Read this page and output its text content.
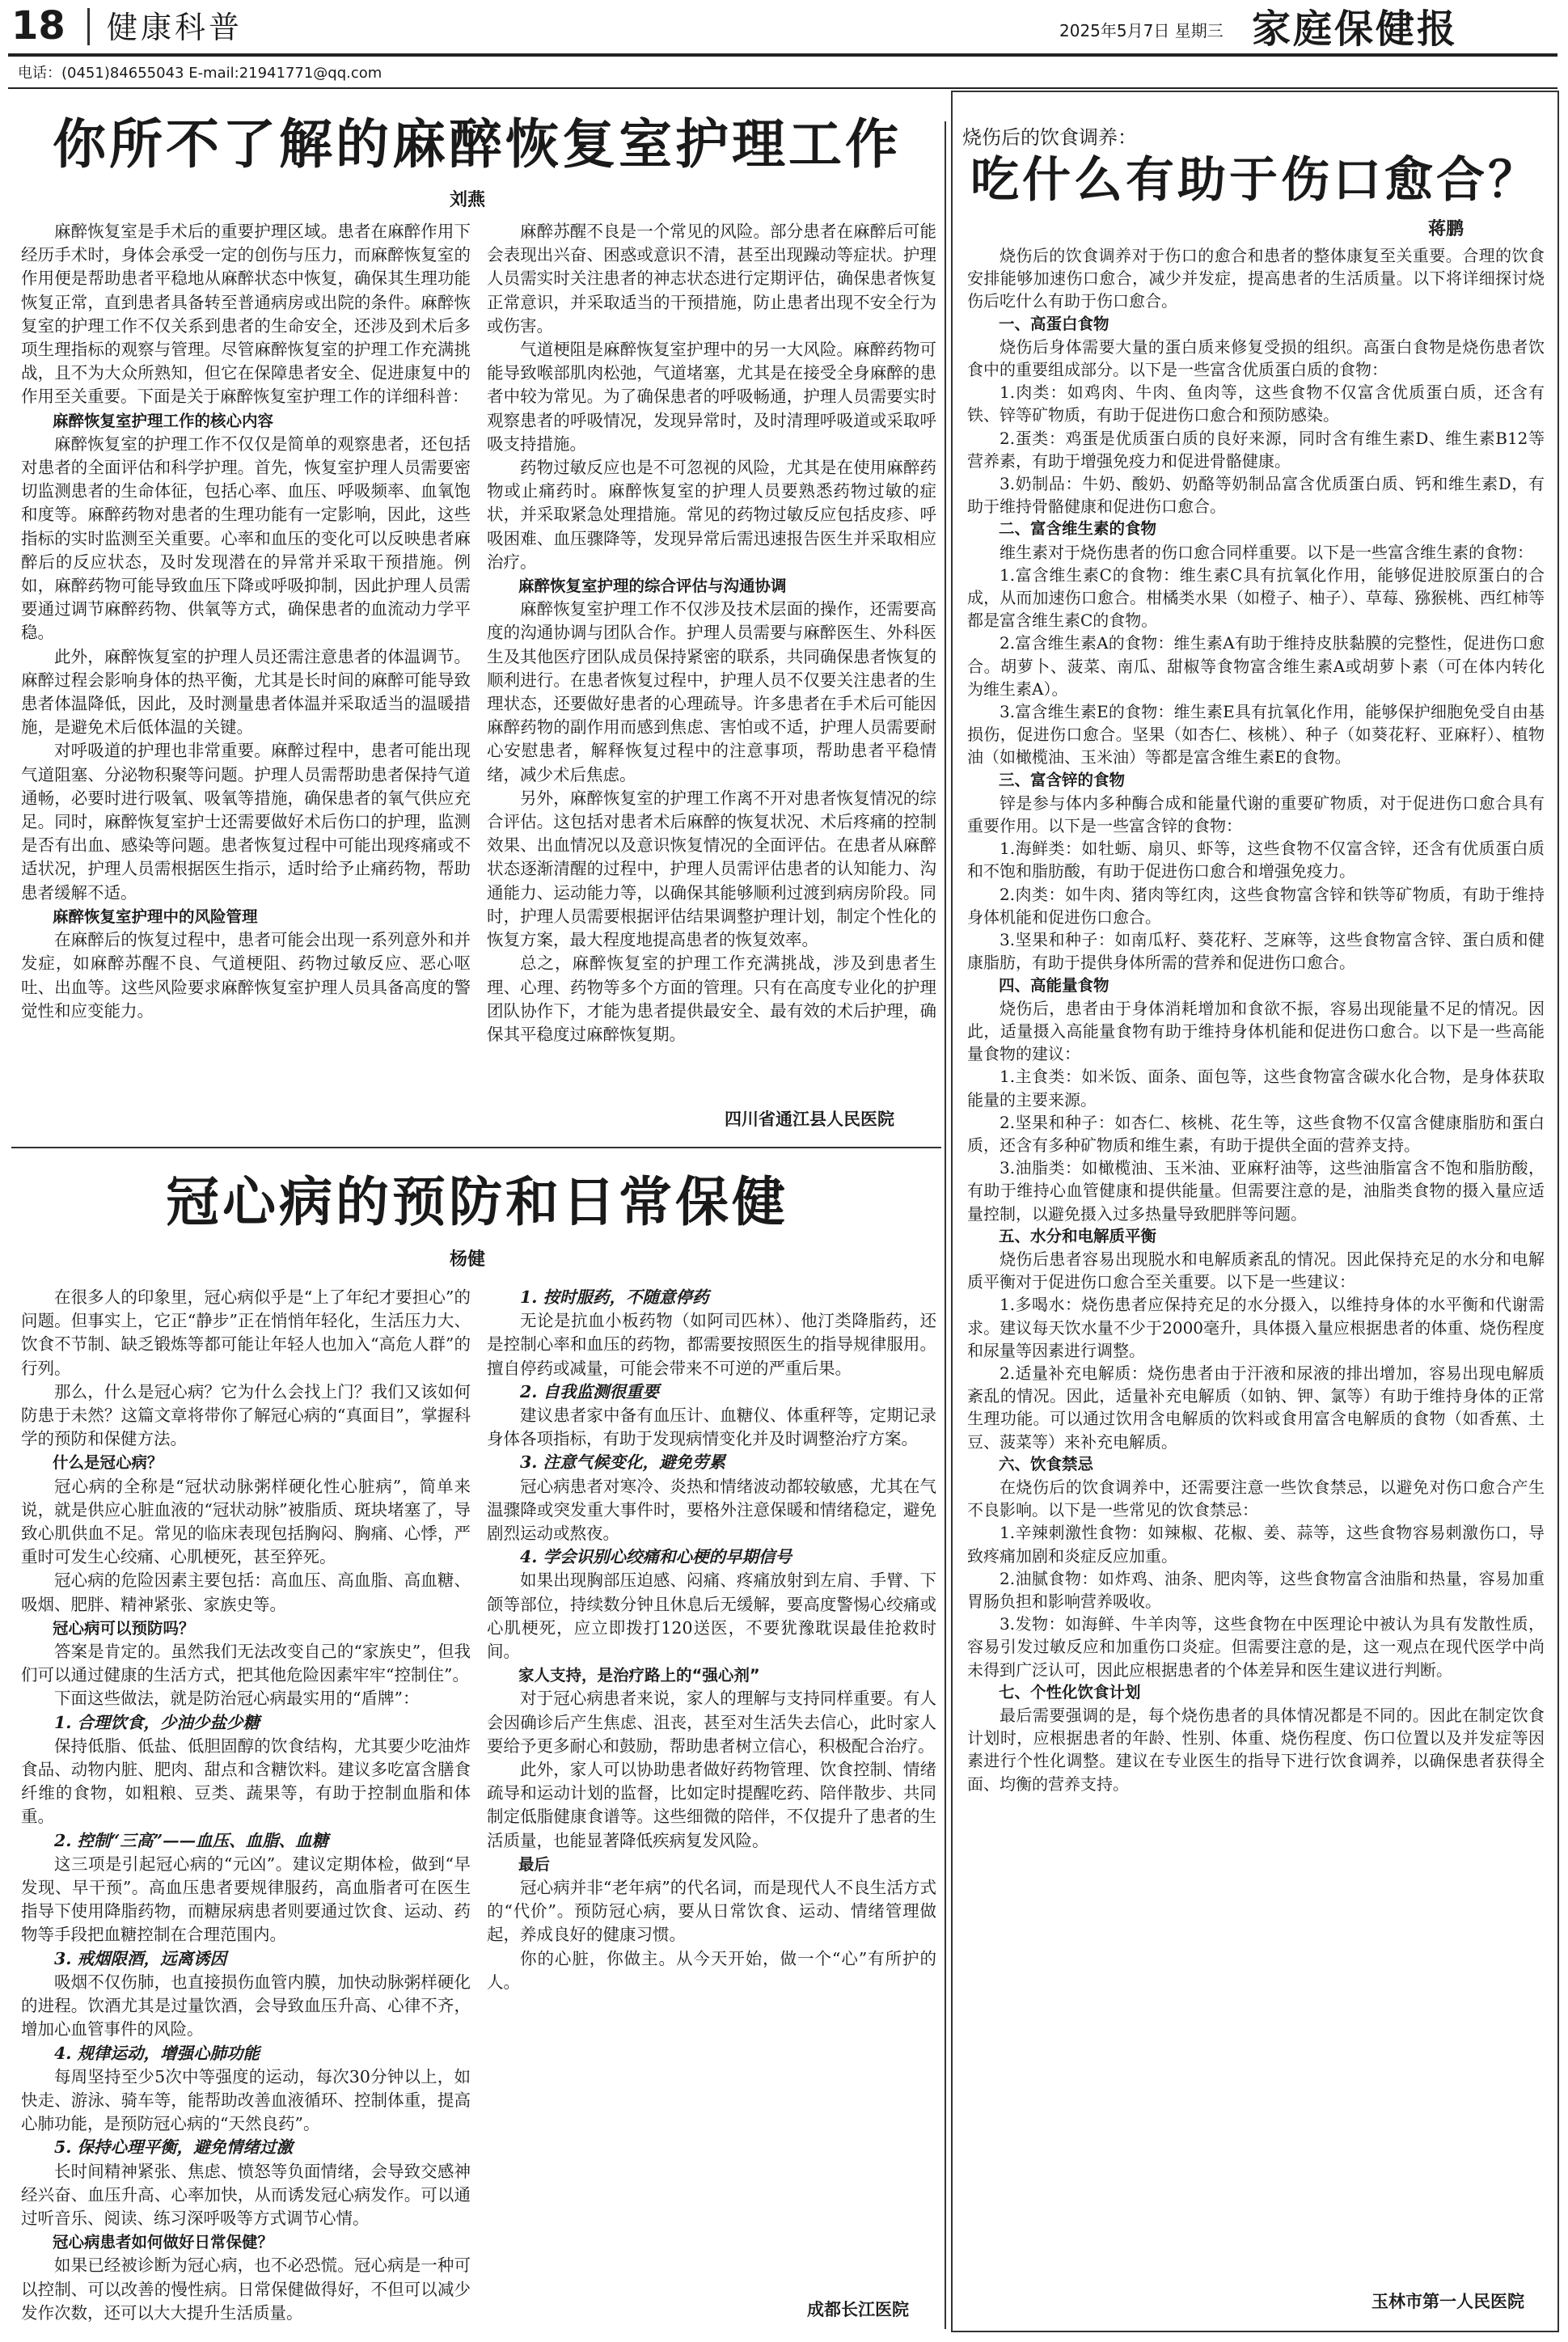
18 健康科普	2025年5月7日 星期三 家庭保健报
电话：(0451)84655043 E-mail:21941771@qq.com
你所不了解的麻醉恢复室护理工作
刘燕

麻醉恢复室是手术后的重要护理区域。患者在麻醉作用下经历手术时，身体会承受一定的创伤与压力，而麻醉恢复室的作用便是帮助患者平稳地从麻醉状态中恢复，确保其生理功能恢复正常，直到患者具备转至普通病房或出院的条件。麻醉恢复室的护理工作不仅关系到患者的生命安全，还涉及到术后多项生理指标的观察与管理。尽管麻醉恢复室的护理工作充满挑战，且不为大众所熟知，但它在保障患者安全、促进康复中的作用至关重要。下面是关于麻醉恢复室护理工作的详细科普：

麻醉恢复室护理工作的核心内容

麻醉恢复室的护理工作不仅仅是简单的观察患者，还包括对患者的全面评估和科学护理。首先，恢复室护理人员需要密切监测患者的生命体征，包括心率、血压、呼吸频率、血氧饱和度等。麻醉药物对患者的生理功能有一定影响，因此，这些指标的实时监测至关重要。心率和血压的变化可以反映患者麻醉后的反应状态，及时发现潜在的异常并采取干预措施。例如，麻醉药物可能导致血压下降或呼吸抑制，因此护理人员需要通过调节麻醉药物、供氧等方式，确保患者的血流动力学平稳。

此外，麻醉恢复室的护理人员还需注意患者的体温调节。麻醉过程会影响身体的热平衡，尤其是长时间的麻醉可能导致患者体温降低，因此，及时测量患者体温并采取适当的温暖措施，是避免术后低体温的关键。

对呼吸道的护理也非常重要。麻醉过程中，患者可能出现气道阻塞、分泌物积聚等问题。护理人员需帮助患者保持气道通畅，必要时进行吸氧、吸氧等措施，确保患者的氧气供应充足。同时，麻醉恢复室护士还需要做好术后伤口的护理，监测是否有出血、感染等问题。患者恢复过程中可能出现疼痛或不适状况，护理人员需根据医生指示，适时给予止痛药物，帮助患者缓解不适。

麻醉恢复室护理中的风险管理

在麻醉后的恢复过程中，患者可能会出现一系列意外和并发症，如麻醉苏醒不良、气道梗阻、药物过敏反应、恶心呕吐、出血等。这些风险要求麻醉恢复室护理人员具备高度的警觉性和应变能力。

麻醉苏醒不良是一个常见的风险。部分患者在麻醉后可能会表现出兴奋、困惑或意识不清，甚至出现躁动等症状。护理人员需实时关注患者的神志状态进行定期评估，确保患者恢复正常意识，并采取适当的干预措施，防止患者出现不安全行为或伤害。

气道梗阻是麻醉恢复室护理中的另一大风险。麻醉药物可能导致喉部肌肉松弛，气道堵塞，尤其是在接受全身麻醉的患者中较为常见。为了确保患者的呼吸畅通，护理人员需要实时观察患者的呼吸情况，发现异常时，及时清理呼吸道或采取呼吸支持措施。

药物过敏反应也是不可忽视的风险，尤其是在使用麻醉药物或止痛药时。麻醉恢复室的护理人员要熟悉药物过敏的症状，并采取紧急处理措施。常见的药物过敏反应包括皮疹、呼吸困难、血压骤降等，发现异常后需迅速报告医生并采取相应治疗。

麻醉恢复室护理的综合评估与沟通协调

麻醉恢复室护理工作不仅涉及技术层面的操作，还需要高度的沟通协调与团队合作。护理人员需要与麻醉医生、外科医生及其他医疗团队成员保持紧密的联系，共同确保患者恢复的顺利进行。在患者恢复过程中，护理人员不仅要关注患者的生理状态，还要做好患者的心理疏导。许多患者在手术后可能因麻醉药物的副作用而感到焦虑、害怕或不适，护理人员需要耐心安慰患者，解释恢复过程中的注意事项，帮助患者平稳情绪，减少术后焦虑。

另外，麻醉恢复室的护理工作离不开对患者恢复情况的综合评估。这包括对患者术后麻醉的恢复状况、术后疼痛的控制效果、出血情况以及意识恢复情况的全面评估。在患者从麻醉状态逐渐清醒的过程中，护理人员需评估患者的认知能力、沟通能力、运动能力等，以确保其能够顺利过渡到病房阶段。同时，护理人员需要根据评估结果调整护理计划，制定个性化的恢复方案，最大程度地提高患者的恢复效率。

总之，麻醉恢复室的护理工作充满挑战，涉及到患者生理、心理、药物等多个方面的管理。只有在高度专业化的护理团队协作下，才能为患者提供最安全、最有效的术后护理，确保其平稳度过麻醉恢复期。

四川省通江县人民医院
冠心病的预防和日常保健
杨健

在很多人的印象里，冠心病似乎是“上了年纪才要担心”的问题。但事实上，它正“静步”正在悄悄年轻化，生活压力大、饮食不节制、缺乏锻炼等都可能让年轻人也加入“高危人群”的行列。

那么，什么是冠心病？它为什么会找上门？我们又该如何防患于未然？这篇文章将带你了解冠心病的“真面目”，掌握科学的预防和保健方法。

什么是冠心病？

冠心病的全称是“冠状动脉粥样硬化性心脏病”，简单来说，就是供应心脏血液的“冠状动脉”被脂质、斑块堵塞了，导致心肌供血不足。常见的临床表现包括胸闷、胸痛、心悸，严重时可发生心绞痛、心肌梗死，甚至猝死。

冠心病的危险因素主要包括：高血压、高血脂、高血糖、吸烟、肥胖、精神紧张、家族史等。

冠心病可以预防吗？

答案是肯定的。虽然我们无法改变自己的“家族史”，但我们可以通过健康的生活方式，把其他危险因素牢牢“控制住”。

下面这些做法，就是防治冠心病最实用的“盾牌”：

1. 合理饮食，少油少盐少糖

保持低脂、低盐、低胆固醇的饮食结构，尤其要少吃油炸食品、动物内脏、肥肉、甜点和含糖饮料。建议多吃富含膳食纤维的食物，如粗粮、豆类、蔬果等，有助于控制血脂和体重。

2. 控制“三高”——血压、血脂、血糖

这三项是引起冠心病的“元凶”。建议定期体检，做到“早发现、早干预”。高血压患者要规律服药，高血脂者可在医生指导下使用降脂药物，而糖尿病患者则要通过饮食、运动、药物等手段把血糖控制在合理范围内。

3. 戒烟限酒，远离诱因

吸烟不仅伤肺，也直接损伤血管内膜，加快动脉粥样硬化的进程。饮酒尤其是过量饮酒，会导致血压升高、心律不齐，增加心血管事件的风险。

4. 规律运动，增强心肺功能

每周坚持至少5次中等强度的运动，每次30分钟以上，如快走、游泳、骑车等，能帮助改善血液循环、控制体重，提高心肺功能，是预防冠心病的“天然良药”。

5. 保持心理平衡，避免情绪过激

长时间精神紧张、焦虑、愤怒等负面情绪，会导致交感神经兴奋、血压升高、心率加快，从而诱发冠心病发作。可以通过听音乐、阅读、练习深呼吸等方式调节心情。

冠心病患者如何做好日常保健？

如果已经被诊断为冠心病，也不必恐慌。冠心病是一种可以控制、可以改善的慢性病。日常保健做得好，不但可以减少发作次数，还可以大大提升生活质量。

1. 按时服药，不随意停药

无论是抗血小板药物（如阿司匹林）、他汀类降脂药，还是控制心率和血压的药物，都需要按照医生的指导规律服用。擅自停药或减量，可能会带来不可逆的严重后果。

2. 自我监测很重要

建议患者家中备有血压计、血糖仪、体重秤等，定期记录身体各项指标，有助于发现病情变化并及时调整治疗方案。

3. 注意气候变化，避免劳累

冠心病患者对寒冷、炎热和情绪波动都较敏感，尤其在气温骤降或突发重大事件时，要格外注意保暖和情绪稳定，避免剧烈运动或熬夜。

4. 学会识别心绞痛和心梗的早期信号

如果出现胸部压迫感、闷痛、疼痛放射到左肩、手臂、下颌等部位，持续数分钟且休息后无缓解，要高度警惕心绞痛或心肌梗死，应立即拨打120送医，不要犹豫耽误最佳抢救时间。

家人支持，是治疗路上的“强心剂”

对于冠心病患者来说，家人的理解与支持同样重要。有人会因确诊后产生焦虑、沮丧，甚至对生活失去信心，此时家人要给予更多耐心和鼓励，帮助患者树立信心，积极配合治疗。

此外，家人可以协助患者做好药物管理、饮食控制、情绪疏导和运动计划的监督，比如定时提醒吃药、陪伴散步、共同制定低脂健康食谱等。这些细微的陪伴，不仅提升了患者的生活质量，也能显著降低疾病复发风险。

最后

冠心病并非“老年病”的代名词，而是现代人不良生活方式的“代价”。预防冠心病，要从日常饮食、运动、情绪管理做起，养成良好的健康习惯。

你的心脏，你做主。从今天开始，做一个“心”有所护的人。

成都长江医院
烧伤后的饮食调养：
吃什么有助于伤口愈合？
蒋鹏

烧伤后的饮食调养对于伤口的愈合和患者的整体康复至关重要。合理的饮食安排能够加速伤口愈合，减少并发症，提高患者的生活质量。以下将详细探讨烧伤后吃什么有助于伤口愈合。

一、高蛋白食物

烧伤后身体需要大量的蛋白质来修复受损的组织。高蛋白食物是烧伤患者饮食中的重要组成部分。以下是一些富含优质蛋白质的食物：

1.肉类：如鸡肉、牛肉、鱼肉等，这些食物不仅富含优质蛋白质，还含有铁、锌等矿物质，有助于促进伤口愈合和预防感染。

2.蛋类：鸡蛋是优质蛋白质的良好来源，同时含有维生素D、维生素B12等营养素，有助于增强免疫力和促进骨骼健康。

3.奶制品：牛奶、酸奶、奶酪等奶制品富含优质蛋白质、钙和维生素D，有助于维持骨骼健康和促进伤口愈合。

二、富含维生素的食物

维生素对于烧伤患者的伤口愈合同样重要。以下是一些富含维生素的食物：

1.富含维生素C的食物：维生素C具有抗氧化作用，能够促进胶原蛋白的合成，从而加速伤口愈合。柑橘类水果（如橙子、柚子）、草莓、猕猴桃、西红柿等都是富含维生素C的食物。

2.富含维生素A的食物：维生素A有助于维持皮肤黏膜的完整性，促进伤口愈合。胡萝卜、菠菜、南瓜、甜椒等食物富含维生素A或胡萝卜素（可在体内转化为维生素A）。

3.富含维生素E的食物：维生素E具有抗氧化作用，能够保护细胞免受自由基损伤，促进伤口愈合。坚果（如杏仁、核桃）、种子（如葵花籽、亚麻籽）、植物油（如橄榄油、玉米油）等都是富含维生素E的食物。

三、富含锌的食物

锌是参与体内多种酶合成和能量代谢的重要矿物质，对于促进伤口愈合具有重要作用。以下是一些富含锌的食物：

1.海鲜类：如牡蛎、扇贝、虾等，这些食物不仅富含锌，还含有优质蛋白质和不饱和脂肪酸，有助于促进伤口愈合和增强免疫力。

2.肉类：如牛肉、猪肉等红肉，这些食物富含锌和铁等矿物质，有助于维持身体机能和促进伤口愈合。

3.坚果和种子：如南瓜籽、葵花籽、芝麻等，这些食物富含锌、蛋白质和健康脂肪，有助于提供身体所需的营养和促进伤口愈合。

四、高能量食物

烧伤后，患者由于身体消耗增加和食欲不振，容易出现能量不足的情况。因此，适量摄入高能量食物有助于维持身体机能和促进伤口愈合。以下是一些高能量食物的建议：

1.主食类：如米饭、面条、面包等，这些食物富含碳水化合物，是身体获取能量的主要来源。

2.坚果和种子：如杏仁、核桃、花生等，这些食物不仅富含健康脂肪和蛋白质，还含有多种矿物质和维生素，有助于提供全面的营养支持。

3.油脂类：如橄榄油、玉米油、亚麻籽油等，这些油脂富含不饱和脂肪酸，有助于维持心血管健康和提供能量。但需要注意的是，油脂类食物的摄入量应适量控制，以避免摄入过多热量导致肥胖等问题。

五、水分和电解质平衡

烧伤后患者容易出现脱水和电解质紊乱的情况。因此保持充足的水分和电解质平衡对于促进伤口愈合至关重要。以下是一些建议：

1.多喝水：烧伤患者应保持充足的水分摄入，以维持身体的水平衡和代谢需求。建议每天饮水量不少于2000毫升，具体摄入量应根据患者的体重、烧伤程度和尿量等因素进行调整。

2.适量补充电解质：烧伤患者由于汗液和尿液的排出增加，容易出现电解质紊乱的情况。因此，适量补充电解质（如钠、钾、氯等）有助于维持身体的正常生理功能。可以通过饮用含电解质的饮料或食用富含电解质的食物（如香蕉、土豆、菠菜等）来补充电解质。

六、饮食禁忌

在烧伤后的饮食调养中，还需要注意一些饮食禁忌，以避免对伤口愈合产生不良影响。以下是一些常见的饮食禁忌：

1.辛辣刺激性食物：如辣椒、花椒、姜、蒜等，这些食物容易刺激伤口，导致疼痛加剧和炎症反应加重。

2.油腻食物：如炸鸡、油条、肥肉等，这些食物富含油脂和热量，容易加重胃肠负担和影响营养吸收。

3.发物：如海鲜、牛羊肉等，这些食物在中医理论中被认为具有发散性质，容易引发过敏反应和加重伤口炎症。但需要注意的是，这一观点在现代医学中尚未得到广泛认可，因此应根据患者的个体差异和医生建议进行判断。

七、个性化饮食计划

最后需要强调的是，每个烧伤患者的具体情况都是不同的。因此在制定饮食计划时，应根据患者的年龄、性别、体重、烧伤程度、伤口位置以及并发症等因素进行个性化调整。建议在专业医生的指导下进行饮食调养，以确保患者获得全面、均衡的营养支持。

玉林市第一人民医院
